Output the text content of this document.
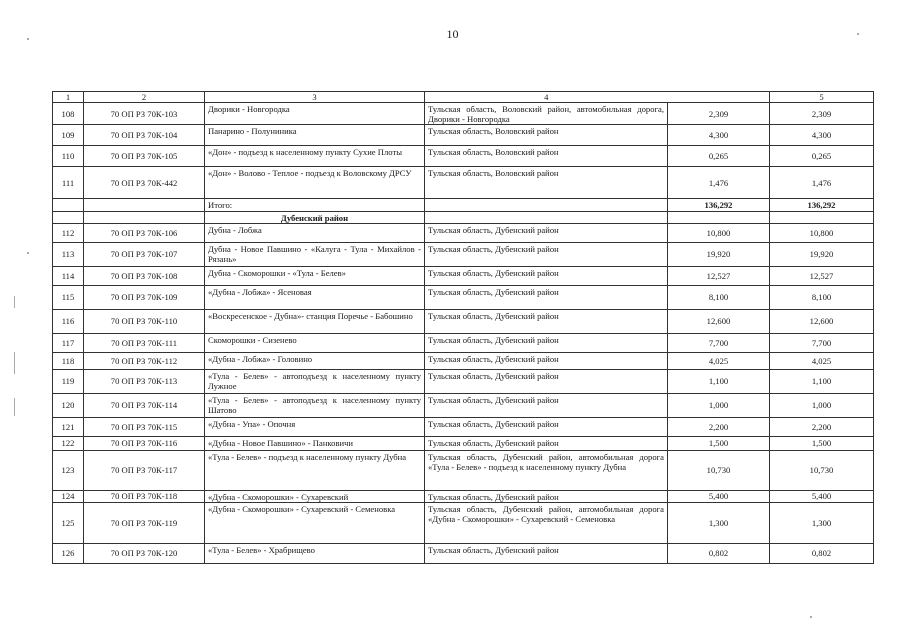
10
1	2	3	4		5
108	70 ОП РЗ 70К-103	Дворики - Новгородка	Тульская область, Воловский район, автомобильная дорога, Дворики - Новгородка	2,309	2,309
109	70 ОП РЗ 70К-104	Панарино - Полуниника	Тульская область, Воловский район	4,300	4,300
110	70 ОП РЗ 70К-105	«Дон» - подъезд к населенному пункту Сухие Плоты	Тульская область, Воловский район	0,265	0,265
111	70 ОП РЗ 70К-442	«Дон» - Волово - Теплое - подъезд к Воловскому ДРСУ	Тульская область, Воловский район	1,476	1,476
		Итого:		136,292	136,292
		Дубенский район			
112	70 ОП РЗ 70К-106	Дубна - Лобжа	Тульская область, Дубенский район	10,800	10,800
113	70 ОП РЗ 70К-107	Дубна - Новое Павшино - «Калуга - Тула - Михайлов - Рязань»	Тульская область, Дубенский район	19,920	19,920
114	70 ОП РЗ 70К-108	Дубна - Скоморошки - «Тула - Белев»	Тульская область, Дубенский район	12,527	12,527
115	70 ОП РЗ 70К-109	«Дубна - Лобжа» - Ясеновая	Тульская область, Дубенский район	8,100	8,100
116	70 ОП РЗ 70К-110	«Воскресенское - Дубна»- станция Поречье - Бабошино	Тульская область, Дубенский район	12,600	12,600
117	70 ОП РЗ 70К-111	Скоморошки - Сизенево	Тульская область, Дубенский район	7,700	7,700
118	70 ОП РЗ 70К-112	«Дубна - Лобжа» - Головино	Тульская область, Дубенский район	4,025	4,025
119	70 ОП РЗ 70К-113	«Тула - Белев» - автоподъезд к населенному пункту Лужное	Тульская область, Дубенский район	1,100	1,100
120	70 ОП РЗ 70К-114	«Тула - Белев» - автоподъезд к населенному пункту Шатово	Тульская область, Дубенский район	1,000	1,000
121	70 ОП РЗ 70К-115	«Дубна - Упа» - Опочня	Тульская область, Дубенский район	2,200	2,200
122	70 ОП РЗ 70К-116	«Дубна - Новое Павшино» - Панковичи	Тульская область, Дубенский район	1,500	1,500
123	70 ОП РЗ 70К-117	«Тула - Белев» - подъезд к населенному пункту Дубна	Тульская область, Дубенский район, автомобильная дорога «Тула - Белев» - подъезд к населенному пункту Дубна	10,730	10,730
124	70 ОП РЗ 70К-118	«Дубна - Скоморошки» - Сухаревский	Тульская область, Дубенский район	5,400	5,400
125	70 ОП РЗ 70К-119	«Дубна - Скоморошки» - Сухаревский - Семеновка	Тульская область, Дубенский район, автомобильная дорога «Дубна - Скоморошки» - Сухаревский - Семеновка	1,300	1,300
126	70 ОП РЗ 70К-120	«Тула - Белев» - Храбрищево	Тульская область, Дубенский район	0,802	0,802
